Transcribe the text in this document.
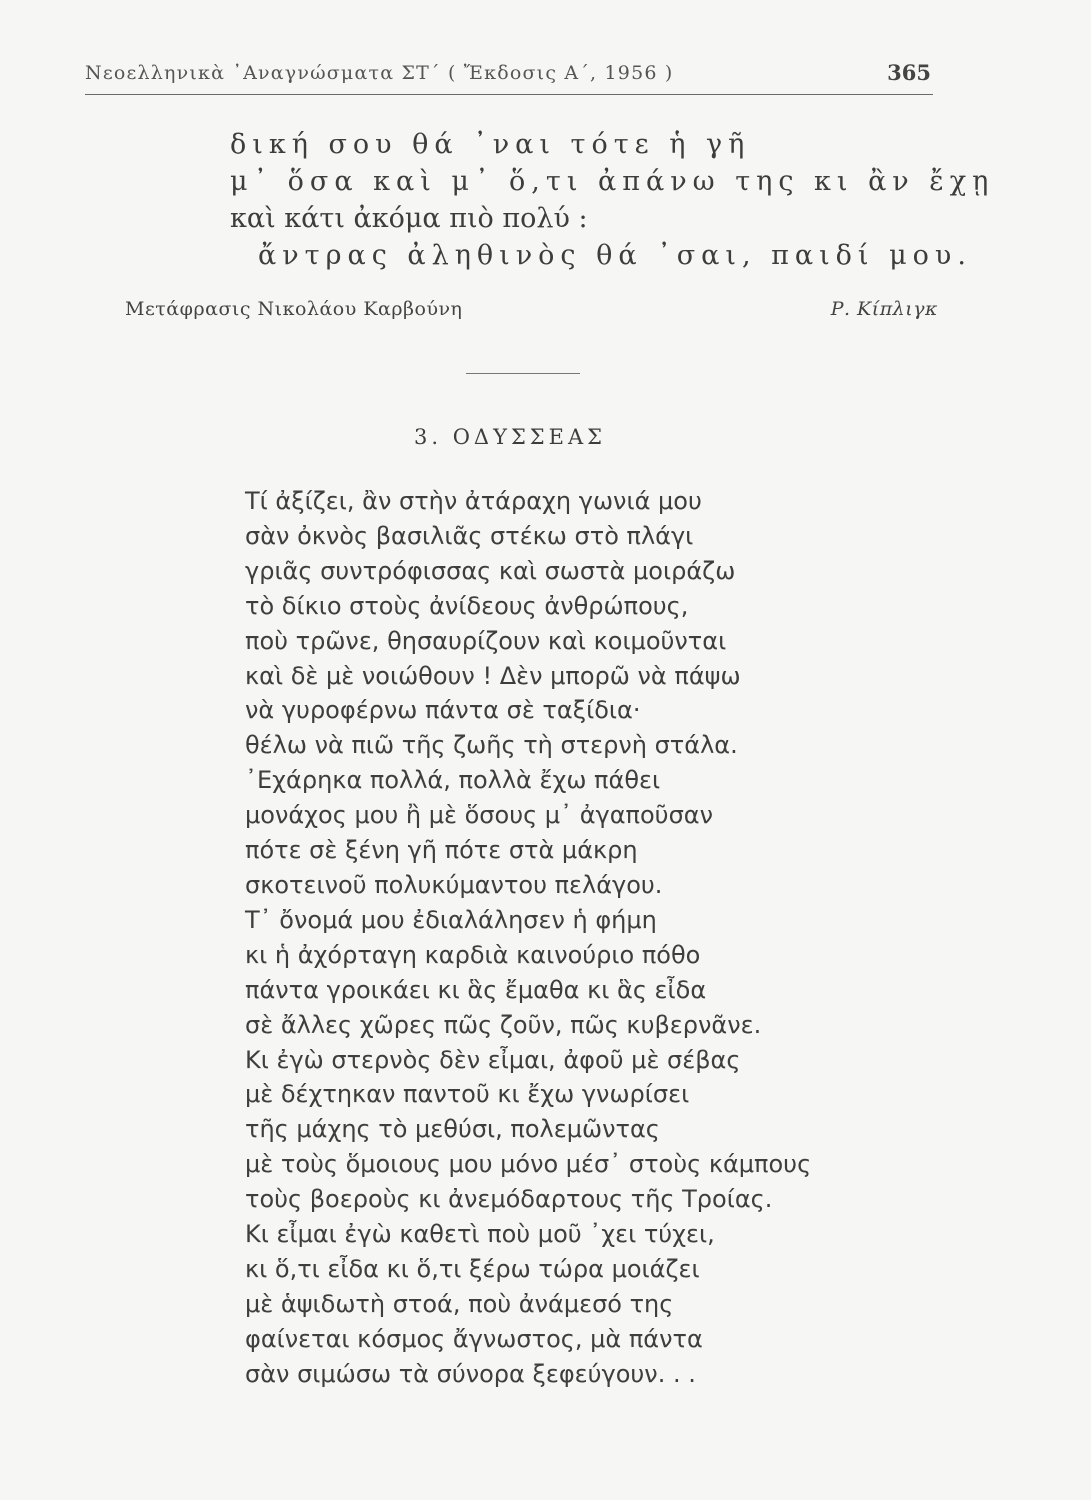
Νεοελληνικὰ ᾿Αναγνώσματα ΣΤ΄ ( Ἔκδοσις Α΄, 1956 )	365
δική σου θά ᾽ναι τότε ἡ γῆ
μ᾽ ὅσα καὶ μ᾽ ὅ,τι ἀπάνω της κι ἂν ἔχῃ
καὶ κάτι ἀκόμα πιὸ πολύ :
ἄντρας ἀληθινὸς θά ᾽σαι, παιδί μου.
Μετάφρασις Νικολάου Καρβούνη	Ρ. Κίπλιγκ
3. ΟΔΥΣΣΕΑΣ
Τί ἀξίζει, ἂν στὴν ἀτάραχη γωνιά μου
σὰν ὀκνὸς βασιλιᾶς στέκω στὸ πλάγι
γριᾶς συντρόφισσας καὶ σωστὰ μοιράζω
τὸ δίκιο στοὺς ἀνίδεους ἀνθρώπους,
ποὺ τρῶνε, θησαυρίζουν καὶ κοιμοῦνται
καὶ δὲ μὲ νοιώθουν ! Δὲν μπορῶ νὰ πάψω
νὰ γυροφέρνω πάντα σὲ ταξίδια·
θέλω νὰ πιῶ τῆς ζωῆς τὴ στερνὴ στάλα.
᾿Εχάρηκα πολλά, πολλὰ ἔχω πάθει
μονάχος μου ἢ μὲ ὅσους μ᾽ ἀγαποῦσαν
πότε σὲ ξένη γῆ πότε στὰ μάκρη
σκοτεινοῦ πολυκύμαντου πελάγου.
Τ᾽ ὄνομά μου ἐδιαλάλησεν ἡ φήμη
κι ἡ ἀχόρταγη καρδιὰ καινούριο πόθο
πάντα γροικάει κι ἃς ἔμαθα κι ἃς εἶδα
σὲ ἄλλες χῶρες πῶς ζοῦν, πῶς κυβερνᾶνε.
Κι ἐγὼ στερνὸς δὲν εἶμαι, ἀφοῦ μὲ σέβας
μὲ δέχτηκαν παντοῦ κι ἔχω γνωρίσει
τῆς μάχης τὸ μεθύσι, πολεμῶντας
μὲ τοὺς ὅμοιους μου μόνο μέσ᾽ στοὺς κάμπους
τοὺς βοεροὺς κι ἀνεμόδαρτους τῆς Τροίας.
Κι εἶμαι ἐγὼ καθετὶ ποὺ μοῦ ᾽χει τύχει,
κι ὅ,τι εἶδα κι ὅ,τι ξέρω τώρα μοιάζει
μὲ ἁψιδωτὴ στοά, ποὺ ἀνάμεσό της
φαίνεται κόσμος ἄγνωστος, μὰ πάντα
σὰν σιμώσω τὰ σύνορα ξεφεύγουν. . .
